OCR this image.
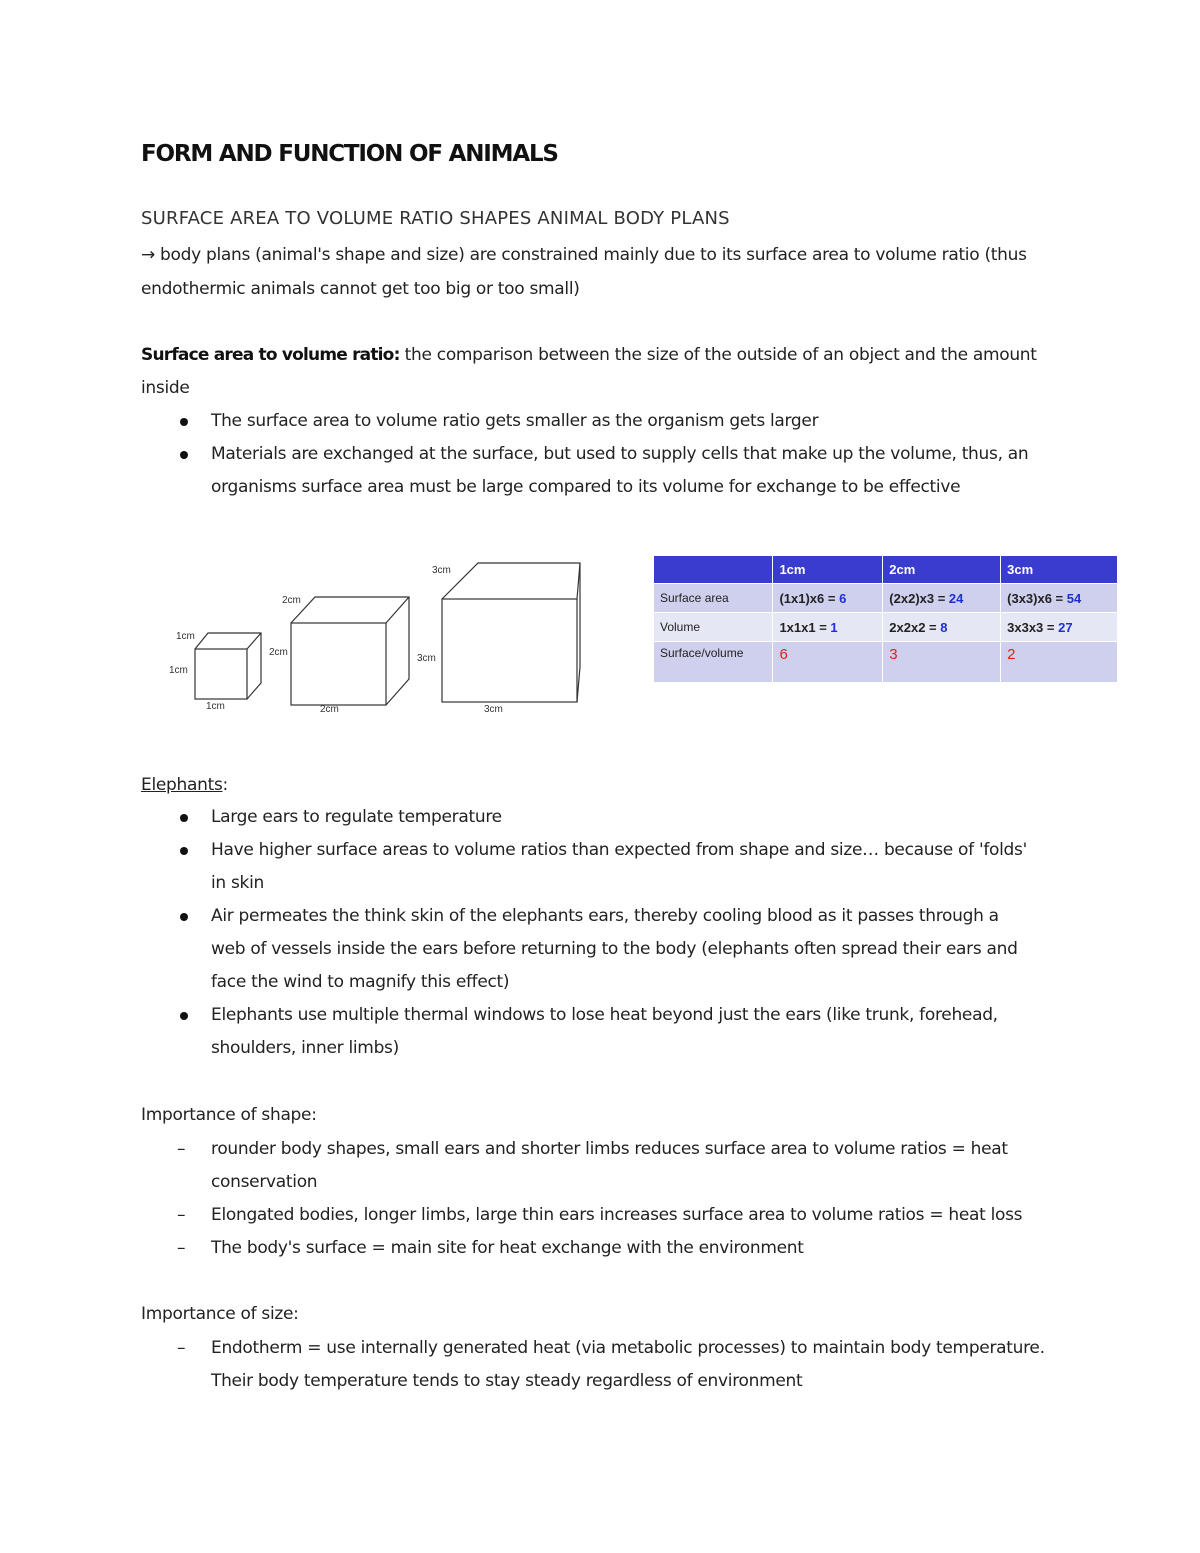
FORM AND FUNCTION OF ANIMALS
SURFACE AREA TO VOLUME RATIO SHAPES ANIMAL BODY PLANS
→ body plans (animal's shape and size) are constrained mainly due to its surface area to volume ratio (thus
endothermic animals cannot get too big or too small)
Surface area to volume ratio: the comparison between the size of the outside of an object and the amount
inside
The surface area to volume ratio gets smaller as the organism gets larger
Materials are exchanged at the surface, but used to supply cells that make up the volume, thus, an
organisms surface area must be large compared to its volume for exchange to be effective
1cm
1cm
1cm
2cm
2cm
2cm
3cm
3cm
3cm
	1cm	2cm	3cm
Surface area	(1x1)x6 = 6	(2x2)x3 = 24	(3x3)x6 = 54
Volume	1x1x1 = 1	2x2x2 = 8	3x3x3 = 27
Surface/volume	6	3	2
Elephants:
Large ears to regulate temperature
Have higher surface areas to volume ratios than expected from shape and size… because of 'folds'
in skin
Air permeates the think skin of the elephants ears, thereby cooling blood as it passes through a
web of vessels inside the ears before returning to the body (elephants often spread their ears and
face the wind to magnify this effect)
Elephants use multiple thermal windows to lose heat beyond just the ears (like trunk, forehead,
shoulders, inner limbs)
Importance of shape:
– rounder body shapes, small ears and shorter limbs reduces surface area to volume ratios = heat
conservation
– Elongated bodies, longer limbs, large thin ears increases surface area to volume ratios = heat loss
– The body's surface = main site for heat exchange with the environment
Importance of size:
– Endotherm = use internally generated heat (via metabolic processes) to maintain body temperature.
Their body temperature tends to stay steady regardless of environment
